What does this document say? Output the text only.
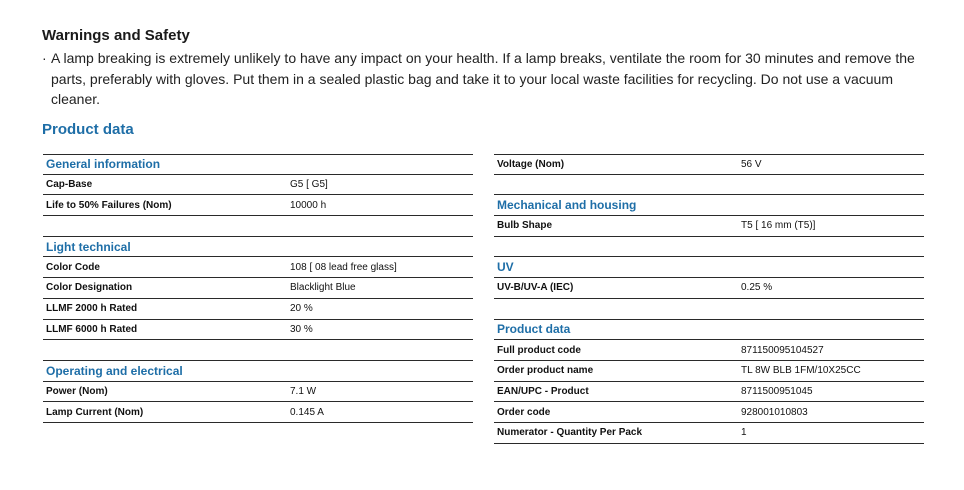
Warnings and Safety
· A lamp breaking is extremely unlikely to have any impact on your health. If a lamp breaks, ventilate the room for 30 minutes and remove the parts, preferably with gloves. Put them in a sealed plastic bag and take it to your local waste facilities for recycling. Do not use a vacuum cleaner.
Product data
General information
Cap-Base	G5 [ G5]
Life to 50% Failures (Nom)	10000 h
Light technical
Color Code	108 [ 08 lead free glass]
Color Designation	Blacklight Blue
LLMF 2000 h Rated	20 %
LLMF 6000 h Rated	30 %
Operating and electrical
Power (Nom)	7.1 W
Lamp Current (Nom)	0.145 A
Voltage (Nom)	56 V
Mechanical and housing
Bulb Shape	T5 [ 16 mm (T5)]
UV
UV-B/UV-A (IEC)	0.25 %
Product data
Full product code	871150095104527
Order product name	TL 8W BLB 1FM/10X25CC
EAN/UPC - Product	8711500951045
Order code	928001010803
Numerator - Quantity Per Pack	1
